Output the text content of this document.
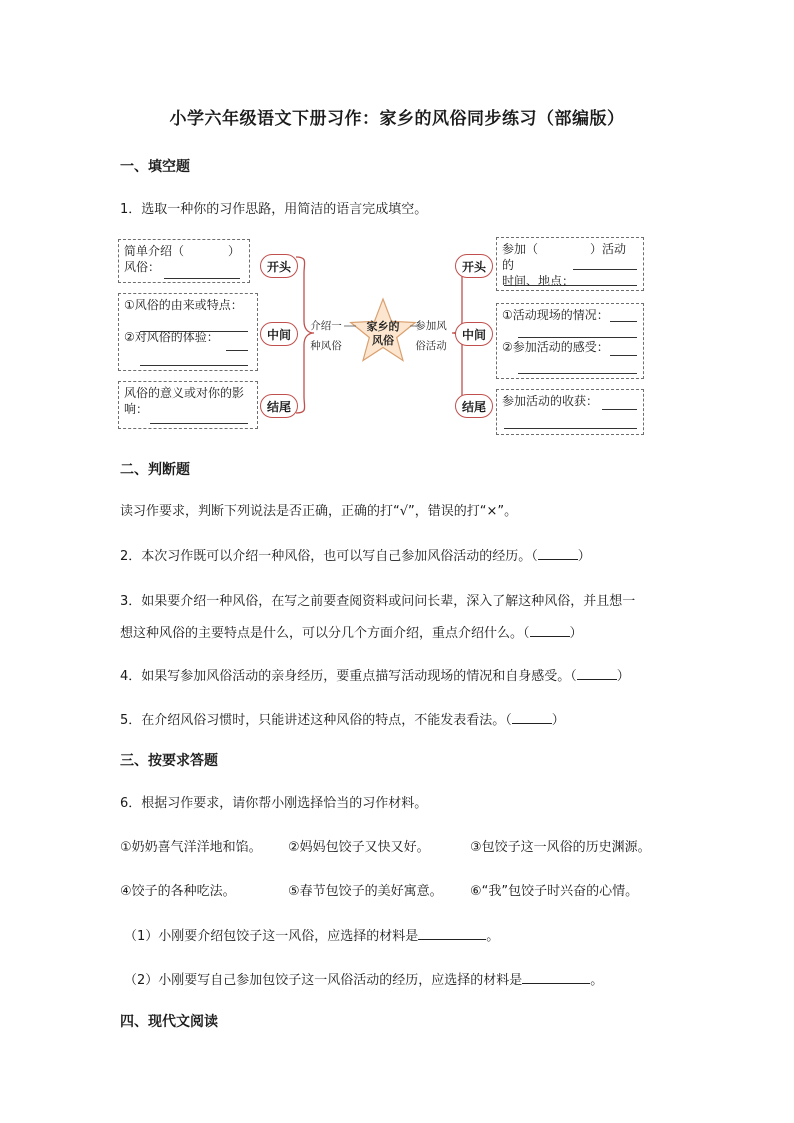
小学六年级语文下册习作：家乡的风俗同步练习（部编版）
一、填空题
1．选取一种你的习作思路，用简洁的语言完成填空。
简单介绍（	）
风俗：
①风俗的由来或特点：
②对风俗的体验：
风俗的意义或对你的影
响：
开头
中间
结尾
介绍一
种风俗
家乡的
风俗
参加风
俗活动
开头
中间
结尾
参加（	）活动的
时间、地点：
①活动现场的情况：
②参加活动的感受：
参加活动的收获：
二、判断题
读习作要求，判断下列说法是否正确，正确的打“√”，错误的打“×”。
2．本次习作既可以介绍一种风俗，也可以写自己参加风俗活动的经历。（	）
3．如果要介绍一种风俗，在写之前要查阅资料或问问长辈，深入了解这种风俗，并且想一
想这种风俗的主要特点是什么，可以分几个方面介绍，重点介绍什么。（	）
4．如果写参加风俗活动的亲身经历，要重点描写活动现场的情况和自身感受。（	）
5．在介绍风俗习惯时，只能讲述这种风俗的特点，不能发表看法。（	）
三、按要求答题
6．根据习作要求，请你帮小刚选择恰当的习作材料。
①奶奶喜气洋洋地和馅。 ②妈妈包饺子又快又好。	③包饺子这一风俗的历史渊源。
④饺子的各种吃法。	⑤春节包饺子的美好寓意。 ⑥“我”包饺子时兴奋的心情。
（1）小刚要介绍包饺子这一风俗，应选择的材料是	。
（2）小刚要写自己参加包饺子这一风俗活动的经历，应选择的材料是	。
四、现代文阅读
